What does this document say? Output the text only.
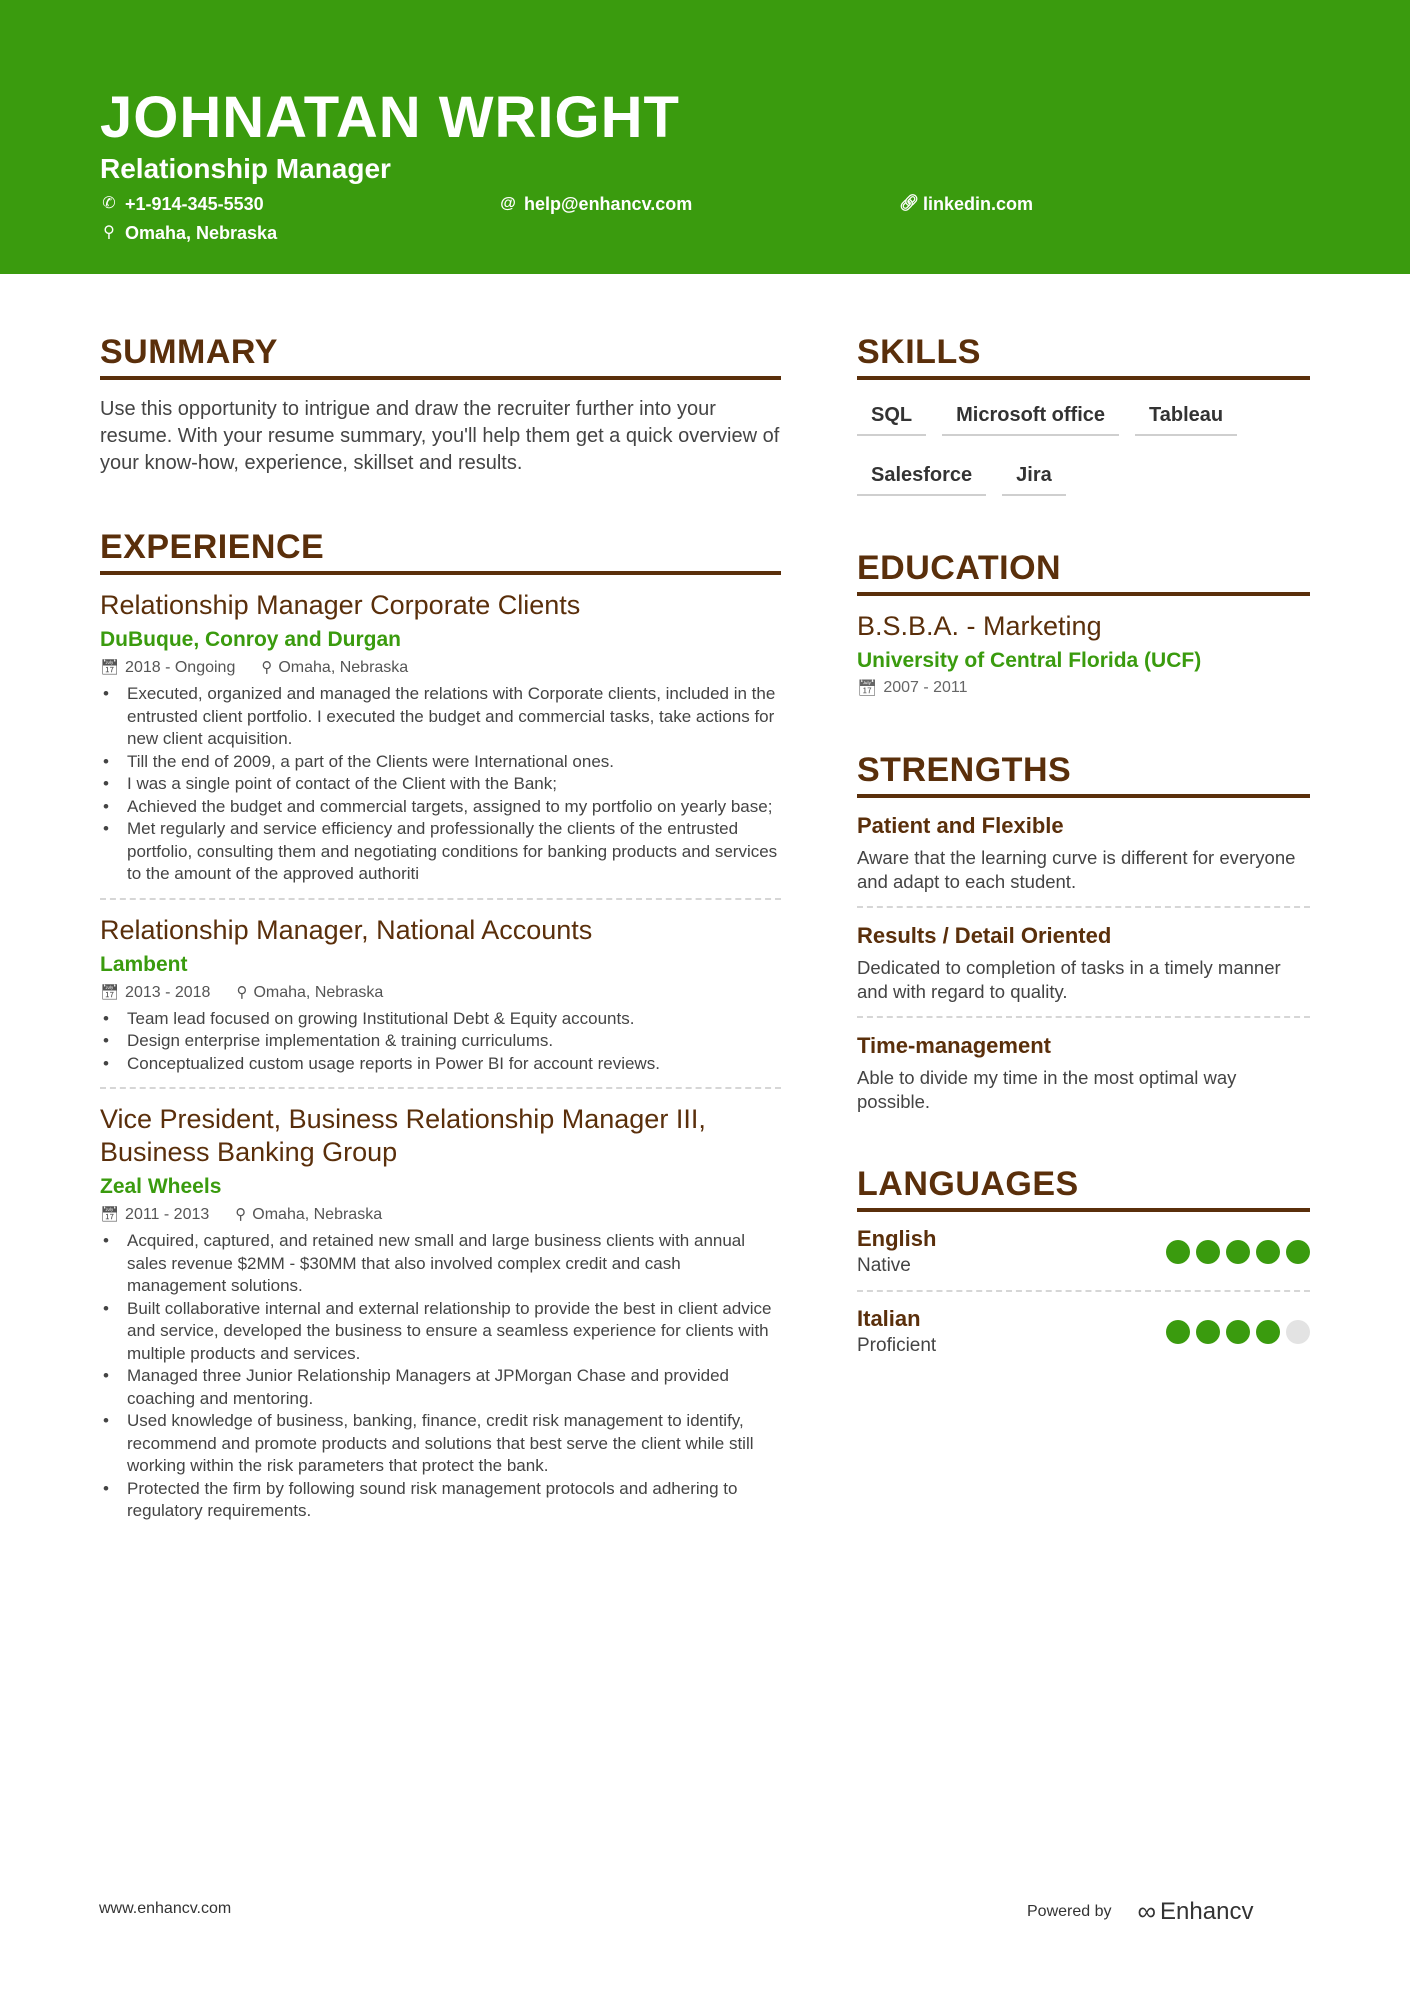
JOHNATAN WRIGHT
Relationship Manager
✆ +1-914-345-5530	@ help@enhancv.com	🔗︎ linkedin.com
⚲ Omaha, Nebraska
SUMMARY
Use this opportunity to intrigue and draw the recruiter further into your resume. With your resume summary, you'll help them get a quick overview of your know-how, experience, skillset and results.
EXPERIENCE
Relationship Manager Corporate Clients
DuBuque, Conroy and Durgan
📅︎ 2018 - Ongoing ⚲ Omaha, Nebraska
• Executed, organized and managed the relations with Corporate clients, included in the entrusted client portfolio. I executed the budget and commercial tasks, take actions for new client acquisition.
• Till the end of 2009, a part of the Clients were International ones.
• I was a single point of contact of the Client with the Bank;
• Achieved the budget and commercial targets, assigned to my portfolio on yearly base;
• Met regularly and service efficiency and professionally the clients of the entrusted portfolio, consulting them and negotiating conditions for banking products and services to the amount of the approved authoriti
Relationship Manager, National Accounts
Lambent
📅︎ 2013 - 2018 ⚲ Omaha, Nebraska
• Team lead focused on growing Institutional Debt & Equity accounts.
• Design enterprise implementation & training curriculums.
• Conceptualized custom usage reports in Power BI for account reviews.
Vice President, Business Relationship Manager III, Business Banking Group
Zeal Wheels
📅︎ 2011 - 2013 ⚲ Omaha, Nebraska
• Acquired, captured, and retained new small and large business clients with annual sales revenue $2MM - $30MM that also involved complex credit and cash management solutions.
• Built collaborative internal and external relationship to provide the best in client advice and service, developed the business to ensure a seamless experience for clients with multiple products and services.
• Managed three Junior Relationship Managers at JPMorgan Chase and provided coaching and mentoring.
• Used knowledge of business, banking, finance, credit risk management to identify, recommend and promote products and solutions that best serve the client while still working within the risk parameters that protect the bank.
• Protected the firm by following sound risk management protocols and adhering to regulatory requirements.
SKILLS
SQL	Microsoft office	Tableau
Salesforce	Jira
EDUCATION
B.S.B.A. - Marketing
University of Central Florida (UCF)
📅︎ 2007 - 2011
STRENGTHS
Patient and Flexible
Aware that the learning curve is different for everyone and adapt to each student.
Results / Detail Oriented
Dedicated to completion of tasks in a timely manner and with regard to quality.
Time-management
Able to divide my time in the most optimal way possible.
LANGUAGES
English
Native
Italian
Proficient
www.enhancv.com	Powered by ∞ Enhancv
